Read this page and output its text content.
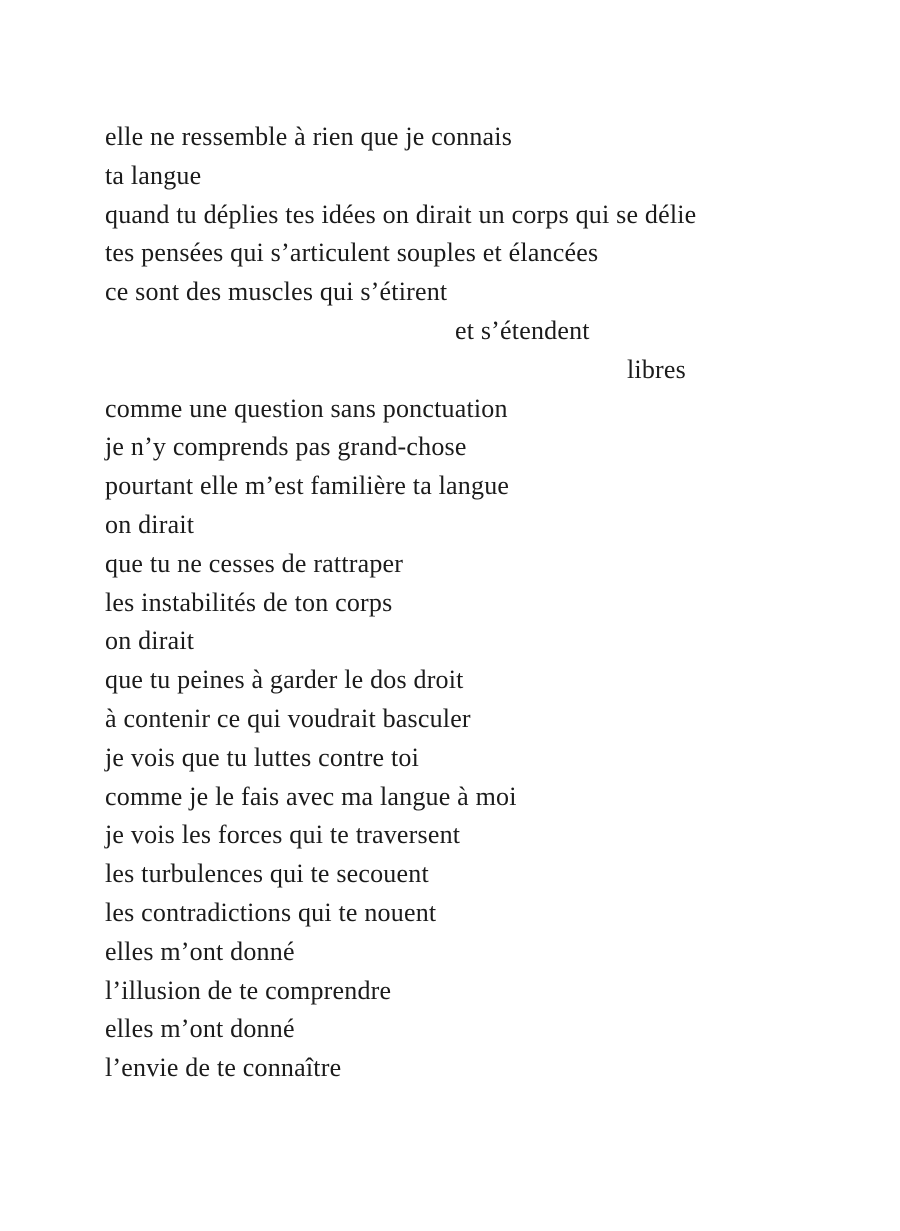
elle ne ressemble à rien que je connais
ta langue
quand tu déplies tes idées on dirait un corps qui se délie
tes pensées qui s’articulent souples et élancées
ce sont des muscles qui s’étirent
et s’étendent
libres
comme une question sans ponctuation
je n’y comprends pas grand-chose
pourtant elle m’est familière ta langue
on dirait
que tu ne cesses de rattraper
les instabilités de ton corps
on dirait
que tu peines à garder le dos droit
à contenir ce qui voudrait basculer
je vois que tu luttes contre toi
comme je le fais avec ma langue à moi
je vois les forces qui te traversent
les turbulences qui te secouent
les contradictions qui te nouent
elles m’ont donné
l’illusion de te comprendre
elles m’ont donné
l’envie de te connaître
